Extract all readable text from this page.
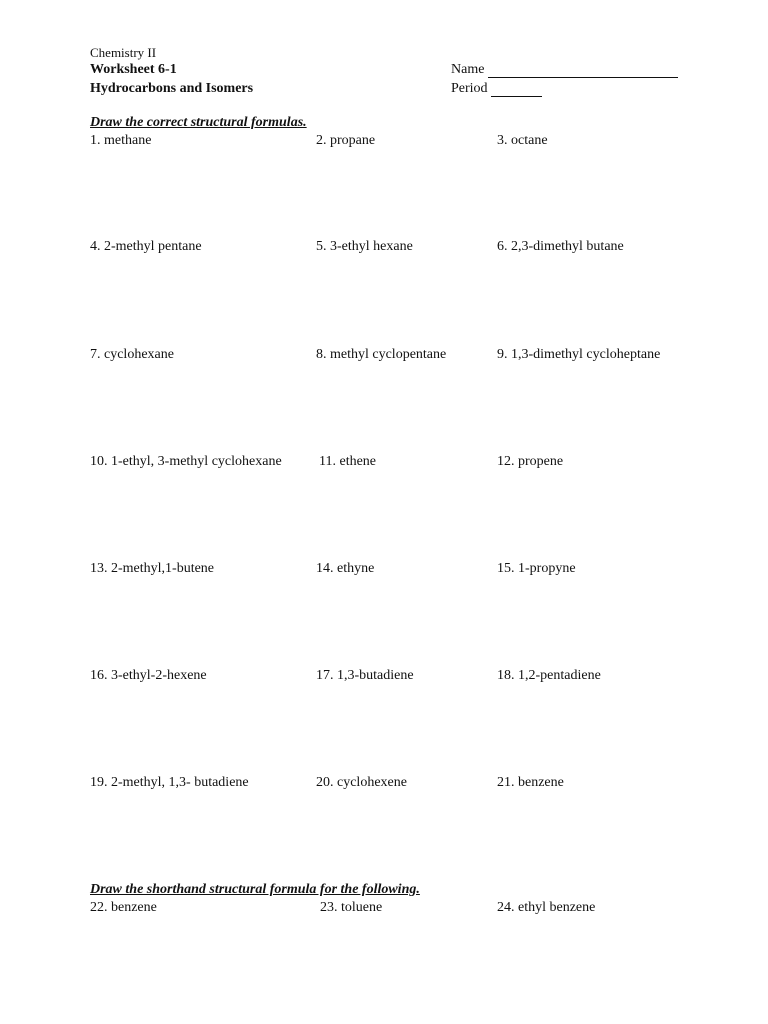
Chemistry II
Worksheet 6-1
Hydrocarbons and Isomers
Name
Period
Draw the correct structural formulas.
1. methane	2. propane	3. octane
4. 2-methyl pentane	5. 3-ethyl hexane	6. 2,3-dimethyl butane
7. cyclohexane	8. methyl cyclopentane	9. 1,3-dimethyl cycloheptane
10. 1-ethyl, 3-methyl cyclohexane	11. ethene	12. propene
13. 2-methyl,1-butene	14. ethyne	15. 1-propyne
16. 3-ethyl-2-hexene	17. 1,3-butadiene	18. 1,2-pentadiene
19. 2-methyl, 1,3- butadiene	20. cyclohexene	21. benzene
Draw the shorthand structural formula for the following.
22. benzene	23. toluene	24. ethyl benzene
